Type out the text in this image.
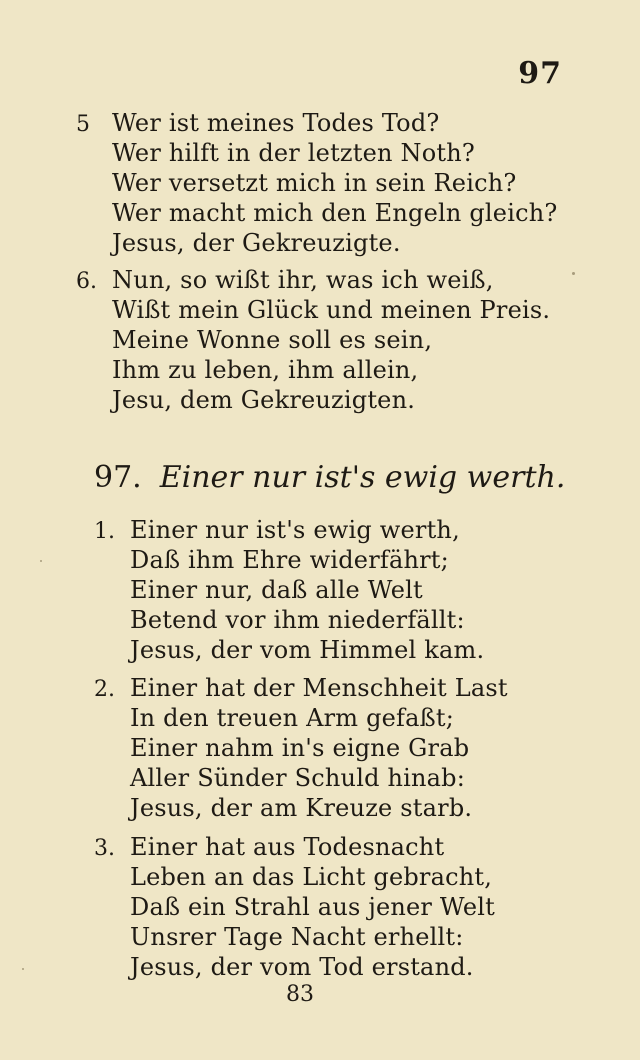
97
5 Wer ist meines Todes Tod?
Wer hilft in der letzten Noth?
Wer versetzt mich in sein Reich?
Wer macht mich den Engeln gleich?
Jesus, der Gekreuzigte.
6. Nun, so wißt ihr, was ich weiß,
Wißt mein Glück und meinen Preis.
Meine Wonne soll es sein,
Ihm zu leben, ihm allein,
Jesu, dem Gekreuzigten.
97. Einer nur ist's ewig werth.
1. Einer nur ist's ewig werth,
Daß ihm Ehre widerfährt;
Einer nur, daß alle Welt
Betend vor ihm niederfällt:
Jesus, der vom Himmel kam.
2. Einer hat der Menschheit Last
In den treuen Arm gefaßt;
Einer nahm in's eigne Grab
Aller Sünder Schuld hinab:
Jesus, der am Kreuze starb.
3. Einer hat aus Todesnacht
Leben an das Licht gebracht,
Daß ein Strahl aus jener Welt
Unsrer Tage Nacht erhellt:
Jesus, der vom Tod erstand.
83
